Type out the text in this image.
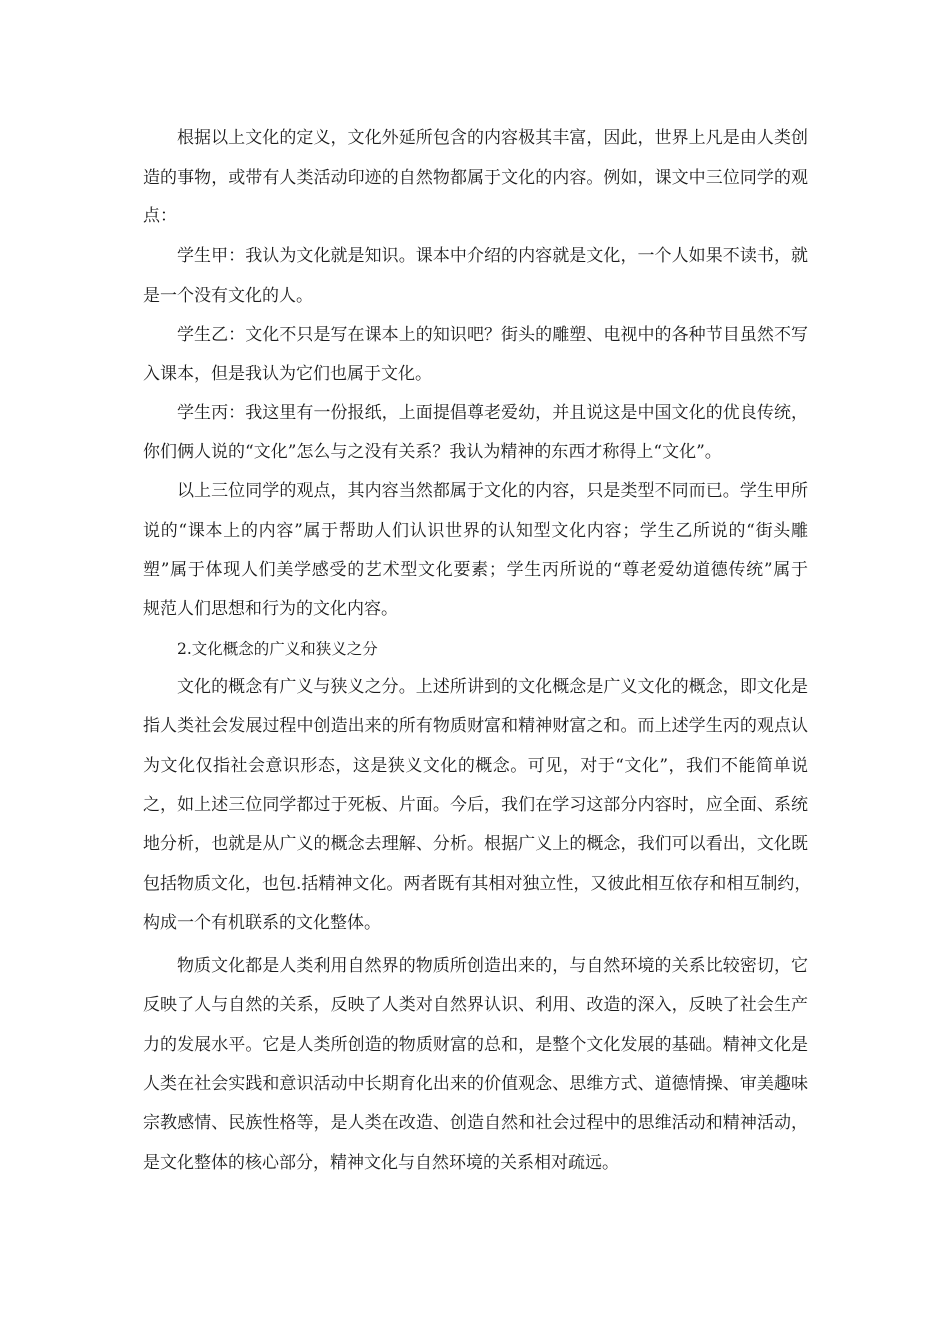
根据以上文化的定义，文化外延所包含的内容极其丰富，因此，世界上凡是由人类创
造的事物，或带有人类活动印迹的自然物都属于文化的内容。例如，课文中三位同学的观
点：
学生甲：我认为文化就是知识。课本中介绍的内容就是文化，一个人如果不读书，就
是一个没有文化的人。
学生乙：文化不只是写在课本上的知识吧？街头的雕塑、电视中的各种节目虽然不写
入课本，但是我认为它们也属于文化。
学生丙：我这里有一份报纸，上面提倡尊老爱幼，并且说这是中国文化的优良传统，
你们俩人说的“文化”怎么与之没有关系？我认为精神的东西才称得上“文化”。
以上三位同学的观点，其内容当然都属于文化的内容，只是类型不同而已。学生甲所
说的“课本上的内容”属于帮助人们认识世界的认知型文化内容；学生乙所说的“街头雕
塑”属于体现人们美学感受的艺术型文化要素；学生丙所说的“尊老爱幼道德传统”属于
规范人们思想和行为的文化内容。
2.文化概念的广义和狭义之分
文化的概念有广义与狭义之分。上述所讲到的文化概念是广义文化的概念，即文化是
指人类社会发展过程中创造出来的所有物质财富和精神财富之和。而上述学生丙的观点认
为文化仅指社会意识形态，这是狭义文化的概念。可见，对于“文化”，我们不能简单说
之，如上述三位同学都过于死板、片面。今后，我们在学习这部分内容时，应全面、系统
地分析，也就是从广义的概念去理解、分析。根据广义上的概念，我们可以看出，文化既
包括物质文化，也包.括精神文化。两者既有其相对独立性，又彼此相互依存和相互制约，
构成一个有机联系的文化整体。
物质文化都是人类利用自然界的物质所创造出来的，与自然环境的关系比较密切，它
反映了人与自然的关系，反映了人类对自然界认识、利用、改造的深入，反映了社会生产
力的发展水平。它是人类所创造的物质财富的总和，是整个文化发展的基础。精神文化是
人类在社会实践和意识活动中长期育化出来的价值观念、思维方式、道德情操、审美趣味
宗教感情、民族性格等，是人类在改造、创造自然和社会过程中的思维活动和精神活动，
是文化整体的核心部分，精神文化与自然环境的关系相对疏远。
